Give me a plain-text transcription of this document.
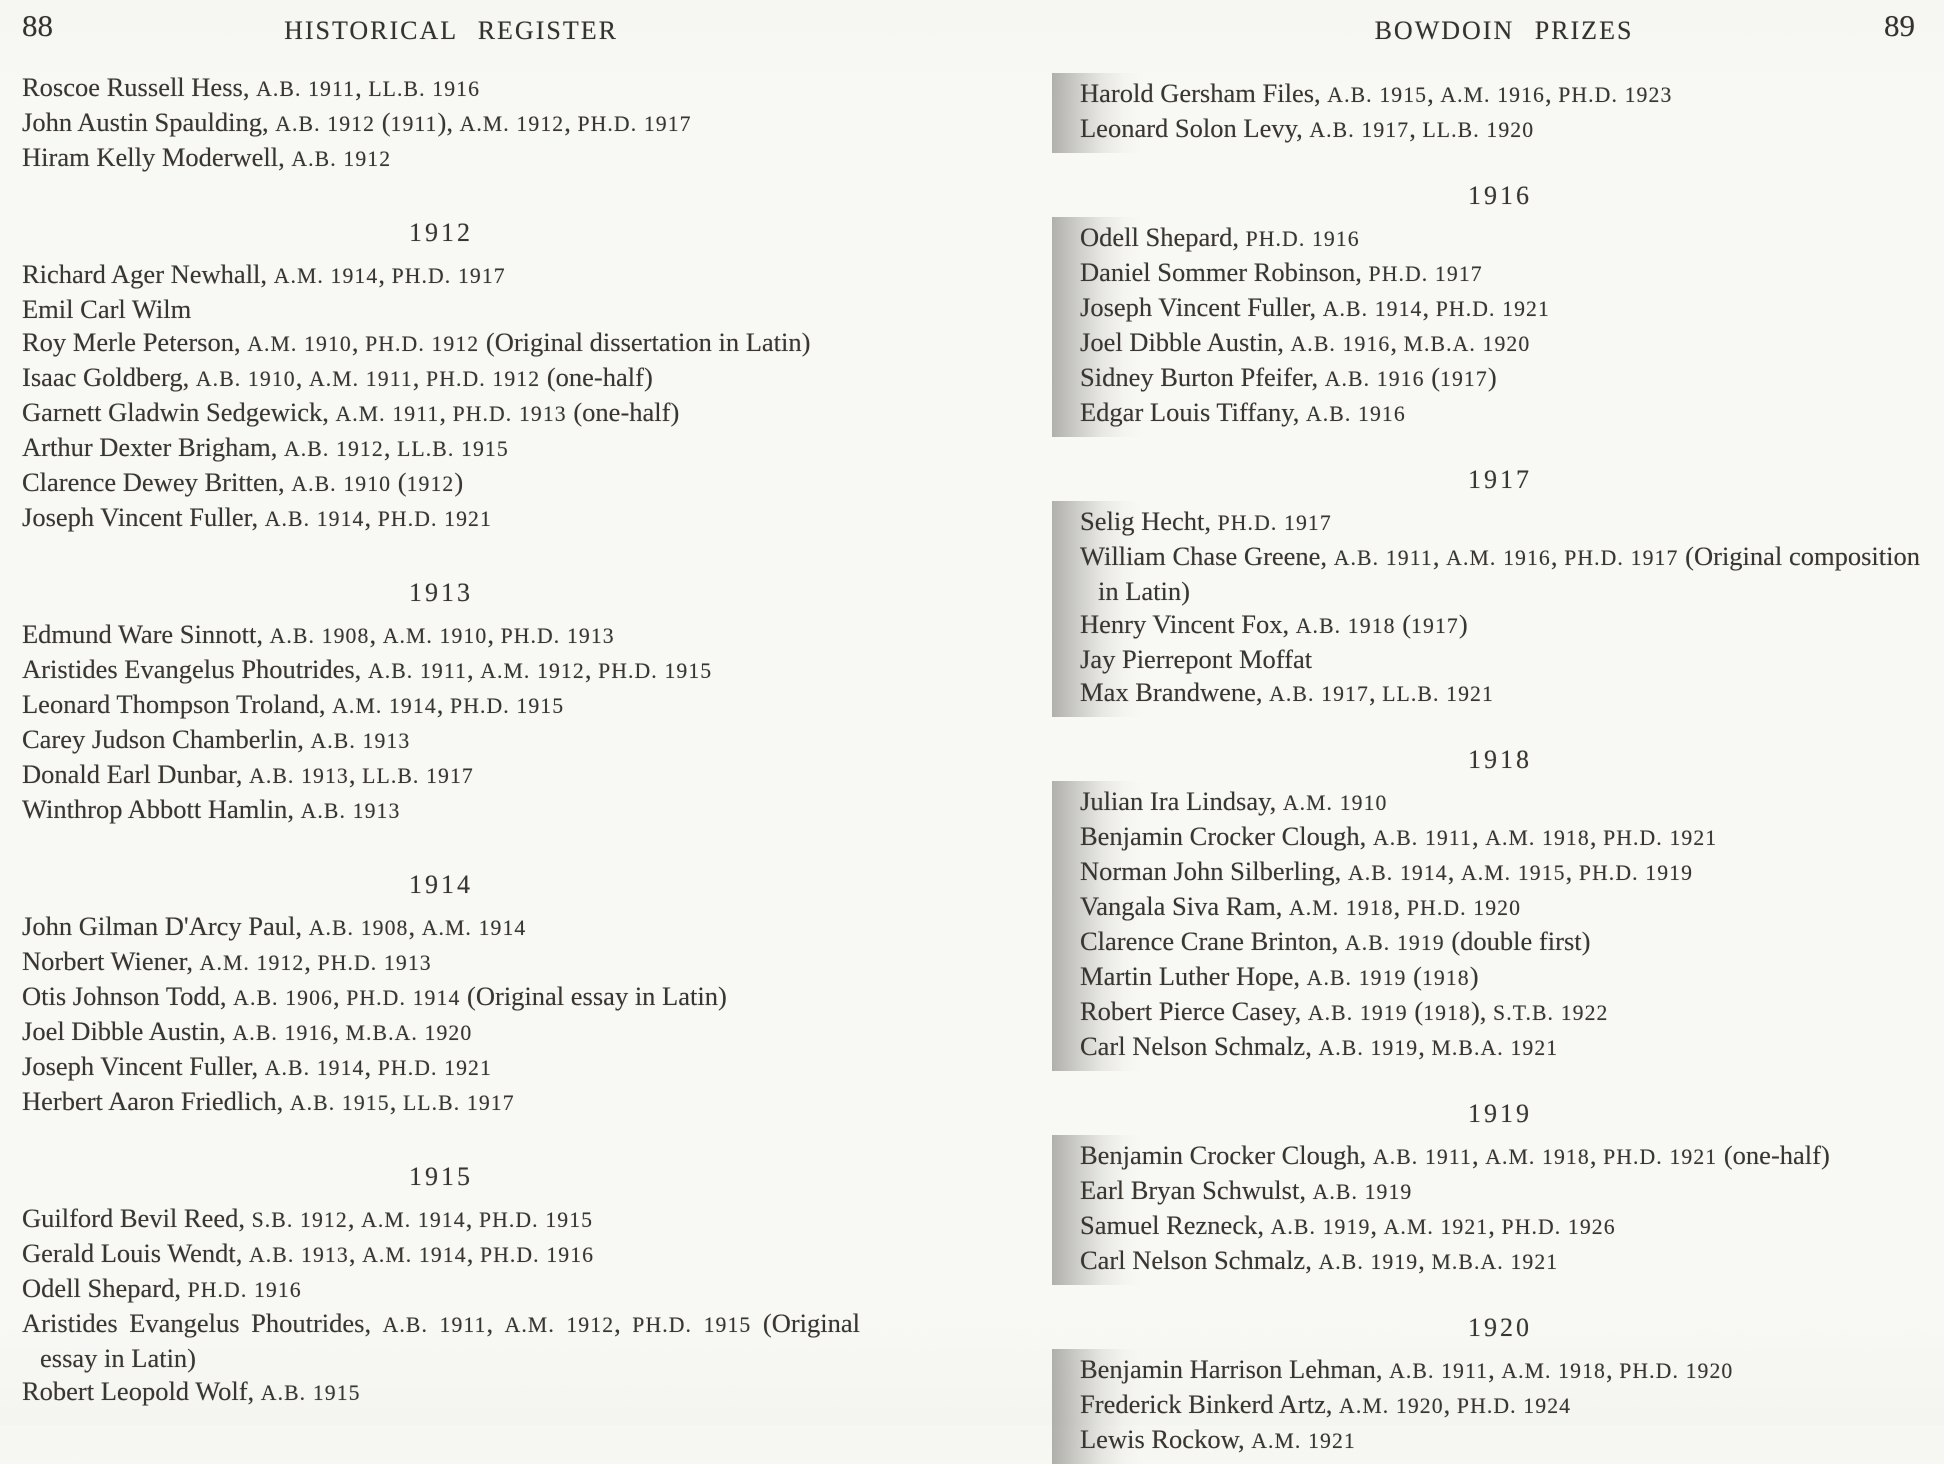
88	HISTORICAL REGISTER	BOWDOIN PRIZES	89
Roscoe Russell Hess, A.B. 1911, LL.B. 1916
John Austin Spaulding, A.B. 1912 (1911), A.M. 1912, PH.D. 1917
Hiram Kelly Moderwell, A.B. 1912
1912
Richard Ager Newhall, A.M. 1914, PH.D. 1917
Emil Carl Wilm
Roy Merle Peterson, A.M. 1910, PH.D. 1912 (Original dissertation in Latin)
Isaac Goldberg, A.B. 1910, A.M. 1911, PH.D. 1912 (one-half)
Garnett Gladwin Sedgewick, A.M. 1911, PH.D. 1913 (one-half)
Arthur Dexter Brigham, A.B. 1912, LL.B. 1915
Clarence Dewey Britten, A.B. 1910 (1912)
Joseph Vincent Fuller, A.B. 1914, PH.D. 1921
1913
Edmund Ware Sinnott, A.B. 1908, A.M. 1910, PH.D. 1913
Aristides Evangelus Phoutrides, A.B. 1911, A.M. 1912, PH.D. 1915
Leonard Thompson Troland, A.M. 1914, PH.D. 1915
Carey Judson Chamberlin, A.B. 1913
Donald Earl Dunbar, A.B. 1913, LL.B. 1917
Winthrop Abbott Hamlin, A.B. 1913
1914
John Gilman D'Arcy Paul, A.B. 1908, A.M. 1914
Norbert Wiener, A.M. 1912, PH.D. 1913
Otis Johnson Todd, A.B. 1906, PH.D. 1914 (Original essay in Latin)
Joel Dibble Austin, A.B. 1916, M.B.A. 1920
Joseph Vincent Fuller, A.B. 1914, PH.D. 1921
Herbert Aaron Friedlich, A.B. 1915, LL.B. 1917
1915
Guilford Bevil Reed, S.B. 1912, A.M. 1914, PH.D. 1915
Gerald Louis Wendt, A.B. 1913, A.M. 1914, PH.D. 1916
Odell Shepard, PH.D. 1916
Aristides Evangelus Phoutrides, A.B. 1911, A.M. 1912, PH.D. 1915 (Original essay in Latin)
Robert Leopold Wolf, A.B. 1915
Harold Gersham Files, A.B. 1915, A.M. 1916, PH.D. 1923
Leonard Solon Levy, A.B. 1917, LL.B. 1920
1916
Odell Shepard, PH.D. 1916
Daniel Sommer Robinson, PH.D. 1917
Joseph Vincent Fuller, A.B. 1914, PH.D. 1921
Joel Dibble Austin, A.B. 1916, M.B.A. 1920
Sidney Burton Pfeifer, A.B. 1916 (1917)
Edgar Louis Tiffany, A.B. 1916
1917
Selig Hecht, PH.D. 1917
William Chase Greene, A.B. 1911, A.M. 1916, PH.D. 1917 (Original composition in Latin)
Henry Vincent Fox, A.B. 1918 (1917)
Jay Pierrepont Moffat
Max Brandwene, A.B. 1917, LL.B. 1921
1918
Julian Ira Lindsay, A.M. 1910
Benjamin Crocker Clough, A.B. 1911, A.M. 1918, PH.D. 1921
Norman John Silberling, A.B. 1914, A.M. 1915, PH.D. 1919
Vangala Siva Ram, A.M. 1918, PH.D. 1920
Clarence Crane Brinton, A.B. 1919 (double first)
Martin Luther Hope, A.B. 1919 (1918)
Robert Pierce Casey, A.B. 1919 (1918), S.T.B. 1922
Carl Nelson Schmalz, A.B. 1919, M.B.A. 1921
1919
Benjamin Crocker Clough, A.B. 1911, A.M. 1918, PH.D. 1921 (one-half)
Earl Bryan Schwulst, A.B. 1919
Samuel Rezneck, A.B. 1919, A.M. 1921, PH.D. 1926
Carl Nelson Schmalz, A.B. 1919, M.B.A. 1921
1920
Benjamin Harrison Lehman, A.B. 1911, A.M. 1918, PH.D. 1920
Frederick Binkerd Artz, A.M. 1920, PH.D. 1924
Lewis Rockow, A.M. 1921
